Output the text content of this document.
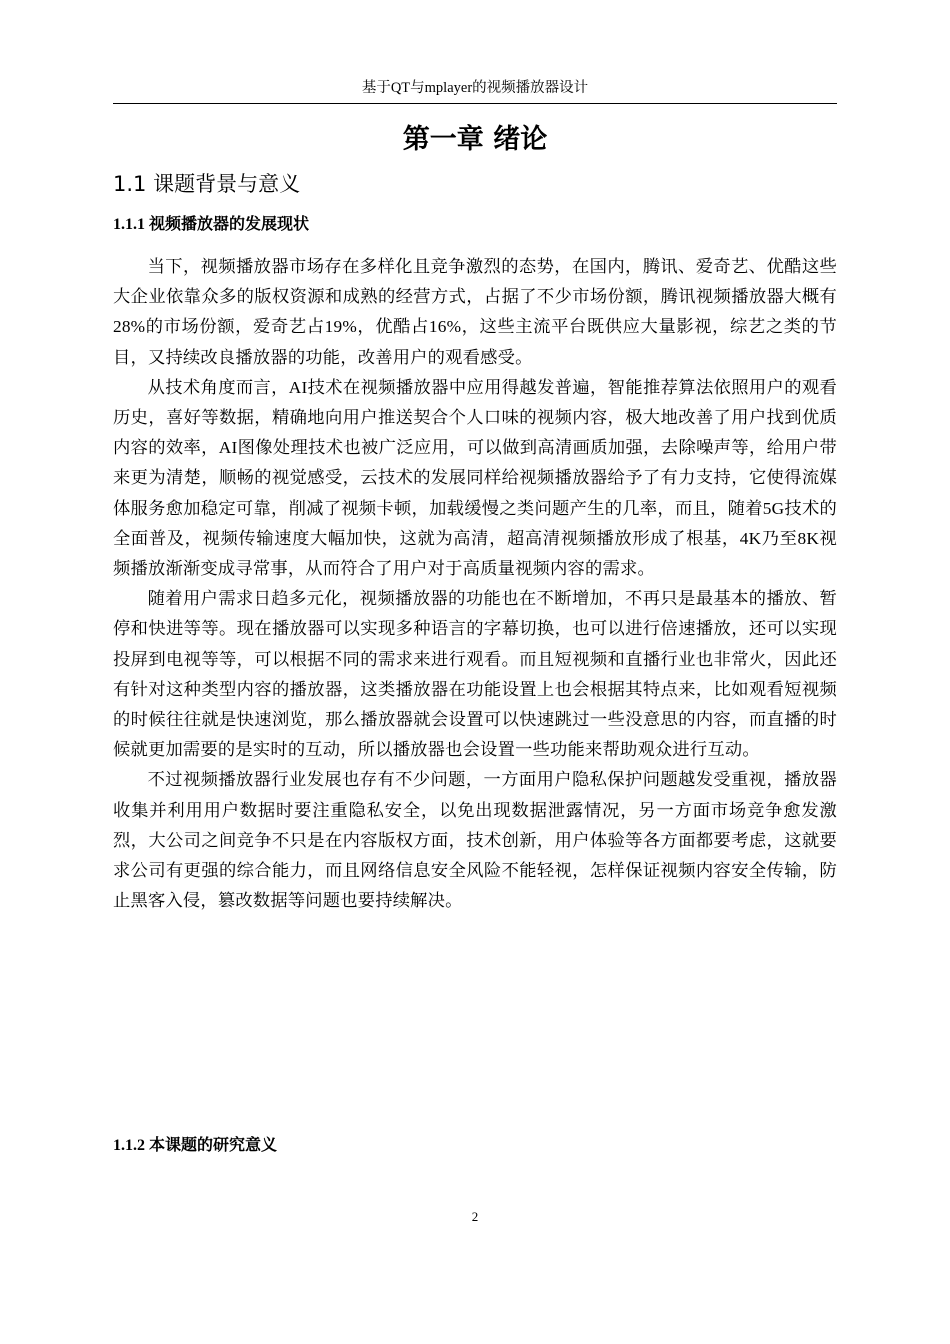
基于QT与mplayer的视频播放器设计
第一章 绪论
1.1 课题背景与意义
1.1.1 视频播放器的发展现状

当下，视频播放器市场存在多样化且竞争激烈的态势，在国内，腾讯、爱奇艺、优酷这些大企业依靠众多的版权资源和成熟的经营方式，占据了不少市场份额，腾讯视频播放器大概有28%的市场份额，爱奇艺占19%，优酷占16%，这些主流平台既供应大量影视，综艺之类的节目，又持续改良播放器的功能，改善用户的观看感受。

从技术角度而言，AI技术在视频播放器中应用得越发普遍，智能推荐算法依照用户的观看历史，喜好等数据，精确地向用户推送契合个人口味的视频内容，极大地改善了用户找到优质内容的效率，AI图像处理技术也被广泛应用，可以做到高清画质加强，去除噪声等，给用户带来更为清楚，顺畅的视觉感受，云技术的发展同样给视频播放器给予了有力支持，它使得流媒体服务愈加稳定可靠，削减了视频卡顿，加载缓慢之类问题产生的几率，而且，随着5G技术的全面普及，视频传输速度大幅加快，这就为高清，超高清视频播放形成了根基，4K乃至8K视频播放渐渐变成寻常事，从而符合了用户对于高质量视频内容的需求。

随着用户需求日趋多元化，视频播放器的功能也在不断增加，不再只是最基本的播放、暂停和快进等等。现在播放器可以实现多种语言的字幕切换，也可以进行倍速播放，还可以实现投屏到电视等等，可以根据不同的需求来进行观看。而且短视频和直播行业也非常火，因此还有针对这种类型内容的播放器，这类播放器在功能设置上也会根据其特点来，比如观看短视频的时候往往就是快速浏览，那么播放器就会设置可以快速跳过一些没意思的内容，而直播的时候就更加需要的是实时的互动，所以播放器也会设置一些功能来帮助观众进行互动。

不过视频播放器行业发展也存有不少问题，一方面用户隐私保护问题越发受重视，播放器收集并利用用户数据时要注重隐私安全，以免出现数据泄露情况，另一方面市场竞争愈发激烈，大公司之间竞争不只是在内容版权方面，技术创新，用户体验等各方面都要考虑，这就要求公司有更强的综合能力，而且网络信息安全风险不能轻视，怎样保证视频内容安全传输，防止黑客入侵，篡改数据等问题也要持续解决。

1.1.2 本课题的研究意义
2
